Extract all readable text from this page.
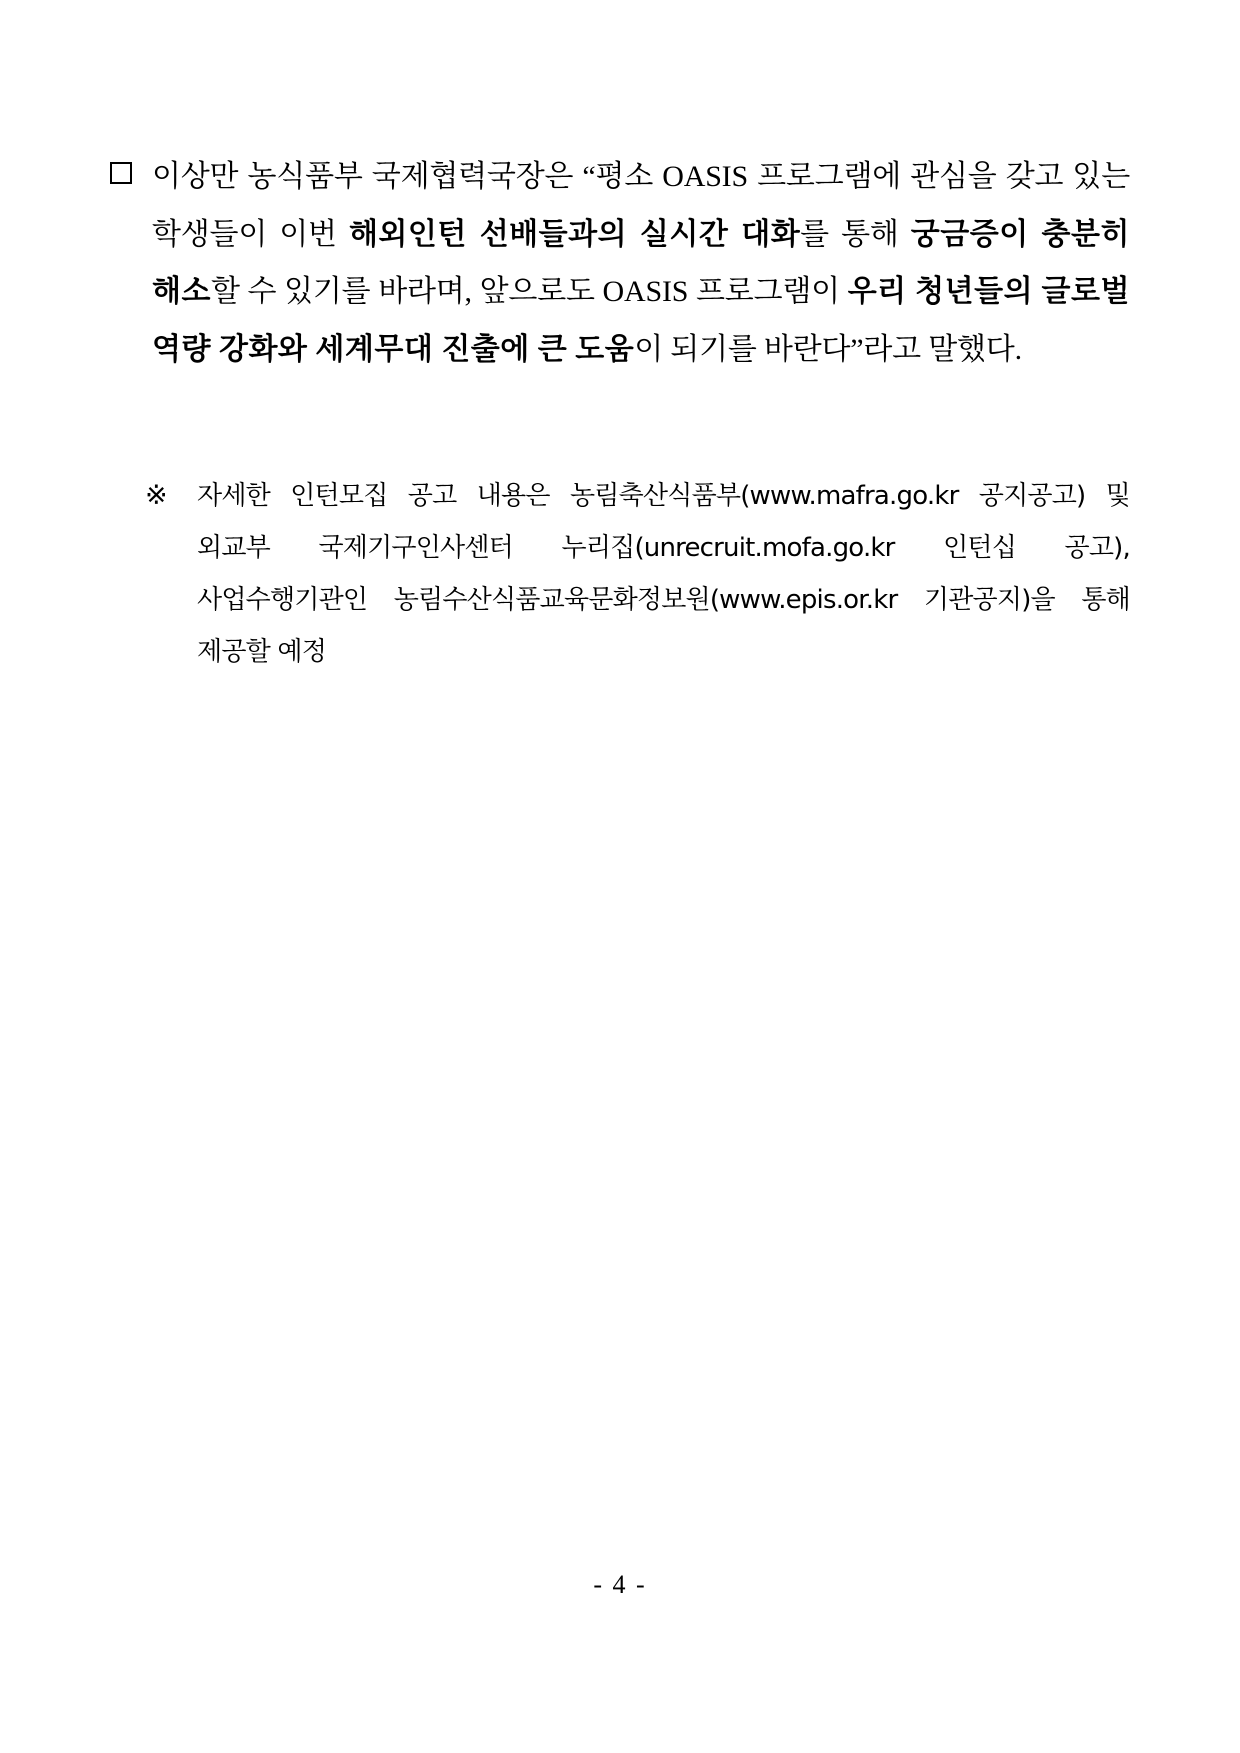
이상만 농식품부 국제협력국장은 “평소 OASIS 프로그램에 관심을 갖고 있는 학생들이 이번 해외인턴 선배들과의 실시간 대화를 통해 궁금증이 충분히 해소할 수 있기를 바라며, 앞으로도 OASIS 프로그램이 우리 청년들의 글로벌 역량 강화와 세계무대 진출에 큰 도움이 되기를 바란다”라고 말했다.

※	자세한 인턴모집 공고 내용은 농림축산식품부(www.mafra.go.kr 공지공고) 및 외교부 국제기구인사센터 누리집(unrecruit.mofa.go.kr 인턴십 공고), 사업수행기관인 농림수산식품교육문화정보원(www.epis.or.kr 기관공지)을 통해 제공할 예정

- 4 -
